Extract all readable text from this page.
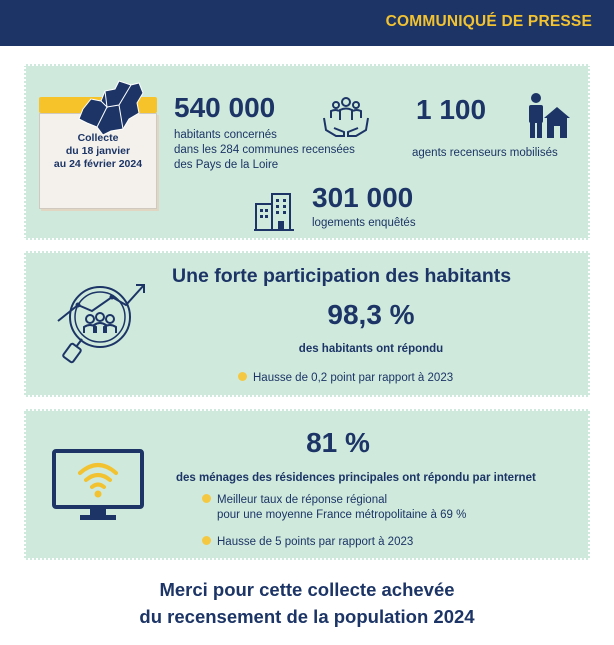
COMMUNIQUÉ DE PRESSE
Collecte
du 18 janvier
au 24 février 2024
540 000
habitants concernés
dans les 284 communes recensées
des Pays de la Loire
1 100
agents recenseurs mobilisés
301 000
logements enquêtés
Une forte participation des habitants
98,3 %
des habitants ont répondu
Hausse de 0,2 point par rapport à 2023
81 %
des ménages des résidences principales ont répondu par internet
Meilleur taux de réponse régional
pour une moyenne France métropolitaine à 69 %
Hausse de 5 points par rapport à 2023
Merci pour cette collecte achevée
du recensement de la population 2024
